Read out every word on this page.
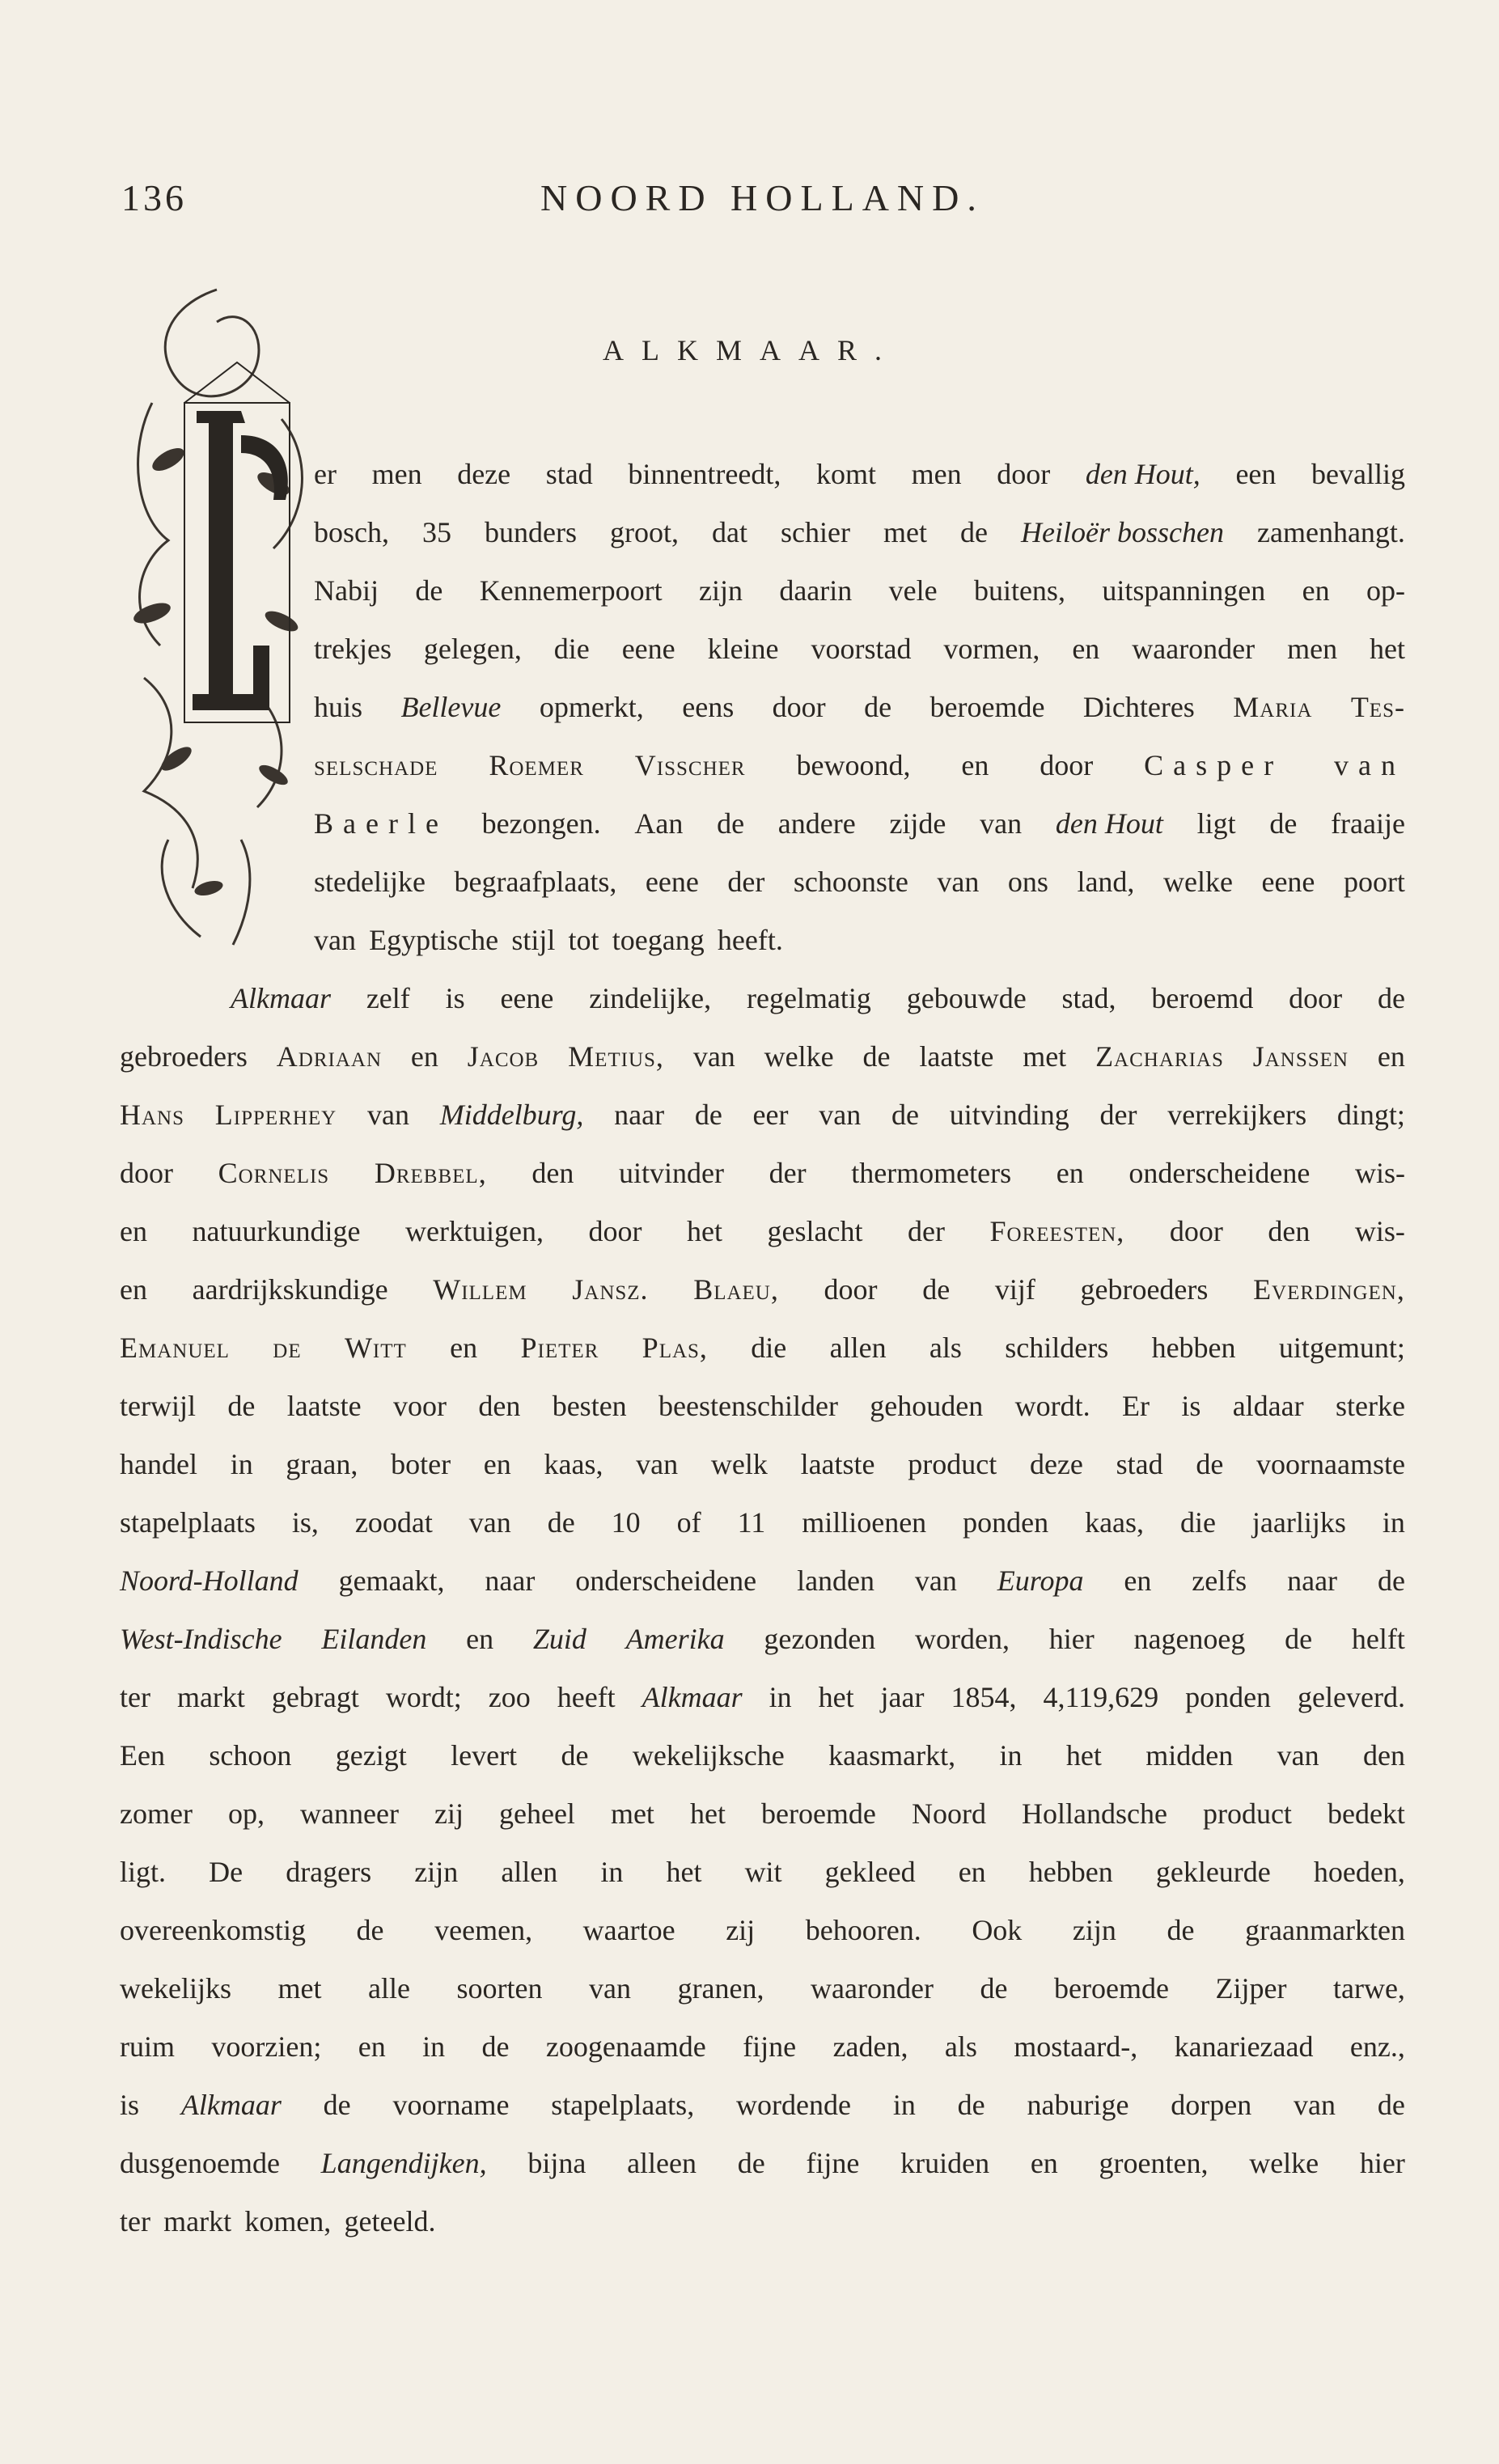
136	NOORD HOLLAND.
ALKMAAR.
er men deze stad binnentreedt, komt men door den Hout, een bevallig
bosch, 35 bunders groot, dat schier met de Heiloër bosschen zamenhangt.
Nabij de Kennemerpoort zijn daarin vele buitens, uitspanningen en op-
trekjes gelegen, die eene kleine voorstad vormen, en waaronder men het
huis Bellevue opmerkt, eens door de beroemde Dichteres Maria Tes-
selschade Roemer Visscher bewoond, en door Casper van
Baerle bezongen. Aan de andere zijde van den Hout ligt de fraaije
stedelijke begraafplaats, eene der schoonste van ons land, welke eene poort
van Egyptische stijl tot toegang heeft.
Alkmaar zelf is eene zindelijke, regelmatig gebouwde stad, beroemd door de
gebroeders Adriaan en Jacob Metius, van welke de laatste met Zacharias Janssen en
Hans Lipperhey van Middelburg, naar de eer van de uitvinding der verrekijkers dingt;
door Cornelis Drebbel, den uitvinder der thermometers en onderscheidene wis-
en natuurkundige werktuigen, door het geslacht der Foreesten, door den wis-
en aardrijkskundige Willem Jansz. Blaeu, door de vijf gebroeders Everdingen,
Emanuel de Witt en Pieter Plas, die allen als schilders hebben uitgemunt;
terwijl de laatste voor den besten beestenschilder gehouden wordt. Er is aldaar sterke
handel in graan, boter en kaas, van welk laatste product deze stad de voornaamste
stapelplaats is, zoodat van de 10 of 11 millioenen ponden kaas, die jaarlijks in
Noord-Holland gemaakt, naar onderscheidene landen van Europa en zelfs naar de
West-Indische Eilanden en Zuid Amerika gezonden worden, hier nagenoeg de helft
ter markt gebragt wordt; zoo heeft Alkmaar in het jaar 1854, 4,119,629 ponden geleverd.
Een schoon gezigt levert de wekelijksche kaasmarkt, in het midden van den
zomer op, wanneer zij geheel met het beroemde Noord Hollandsche product bedekt
ligt. De dragers zijn allen in het wit gekleed en hebben gekleurde hoeden,
overeenkomstig de veemen, waartoe zij behooren. Ook zijn de graanmarkten
wekelijks met alle soorten van granen, waaronder de beroemde Zijper tarwe,
ruim voorzien; en in de zoogenaamde fijne zaden, als mostaard-, kanariezaad enz.,
is Alkmaar de voorname stapelplaats, wordende in de naburige dorpen van de
dusgenoemde Langendijken, bijna alleen de fijne kruiden en groenten, welke hier
ter markt komen, geteeld.
